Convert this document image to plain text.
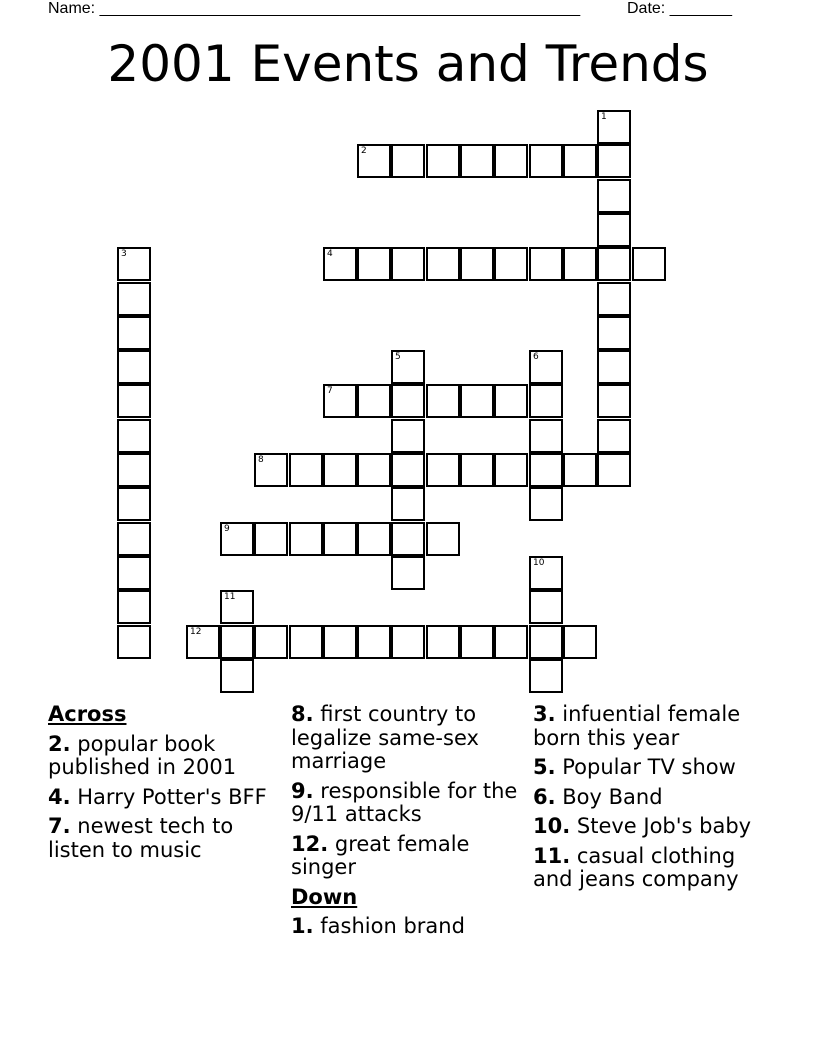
Name: ______________________________________________________	Date: _______
2001 Events and Trends
1
2
3	4
5	6
7
8
9
10
11
12
Across
2. popular book published in 2001
4. Harry Potter's BFF
7. newest tech to listen to music
8. first country to legalize same-sex marriage
9. responsible for the 9/11 attacks
12. great female singer
Down
1. fashion brand
3. infuential female born this year
5. Popular TV show
6. Boy Band
10. Steve Job's baby
11. casual clothing and jeans company
